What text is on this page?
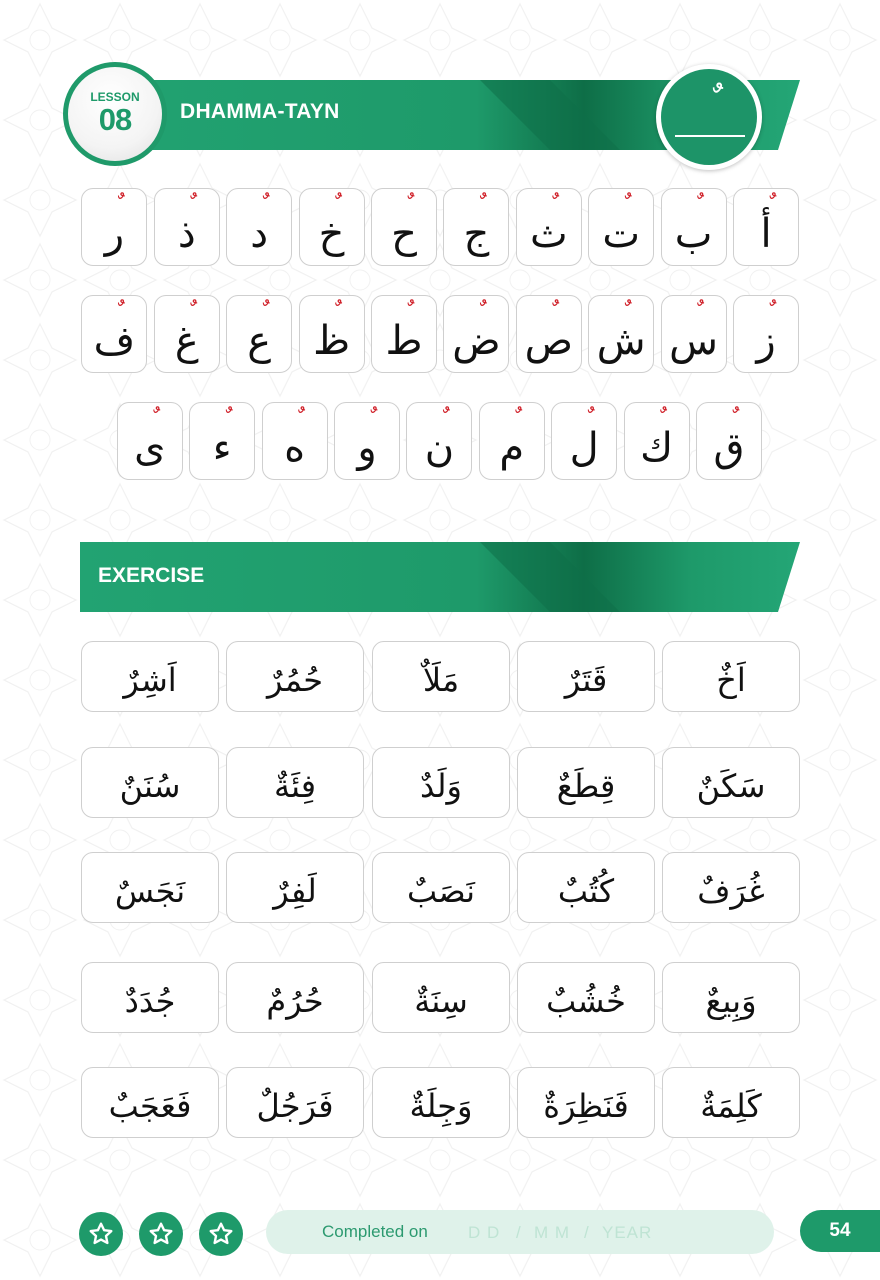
DHAMMA-TAYN
LESSON
08
أ
ب
ت
ث
ج
ح
خ
د
ذ
ر
ز
س
ش
ص
ض
ط
ظ
ع
غ
ف
ق
ك
ل
م
ن
و
ه
ء
ى
EXERCISE
اَخٌ
قَتَرٌ
مَلَاٌ
حُمُرٌ
اَشِرٌ
سَكَنٌ
قِطَعٌ
وَلَدٌ
فِئَةٌ
سُنَنٌ
غُرَفٌ
كُتُبٌ
نَصَبٌ
لَفِرٌ
نَجَسٌ
وَبِيعٌ
خُشُبٌ
سِنَةٌ
حُرُمٌ
جُدَدٌ
كَلِمَةٌ
فَنَظِرَةٌ
وَجِلَةٌ
فَرَجُلٌ
فَعَجَبٌ
Completed on D D / M M / YEAR	54
